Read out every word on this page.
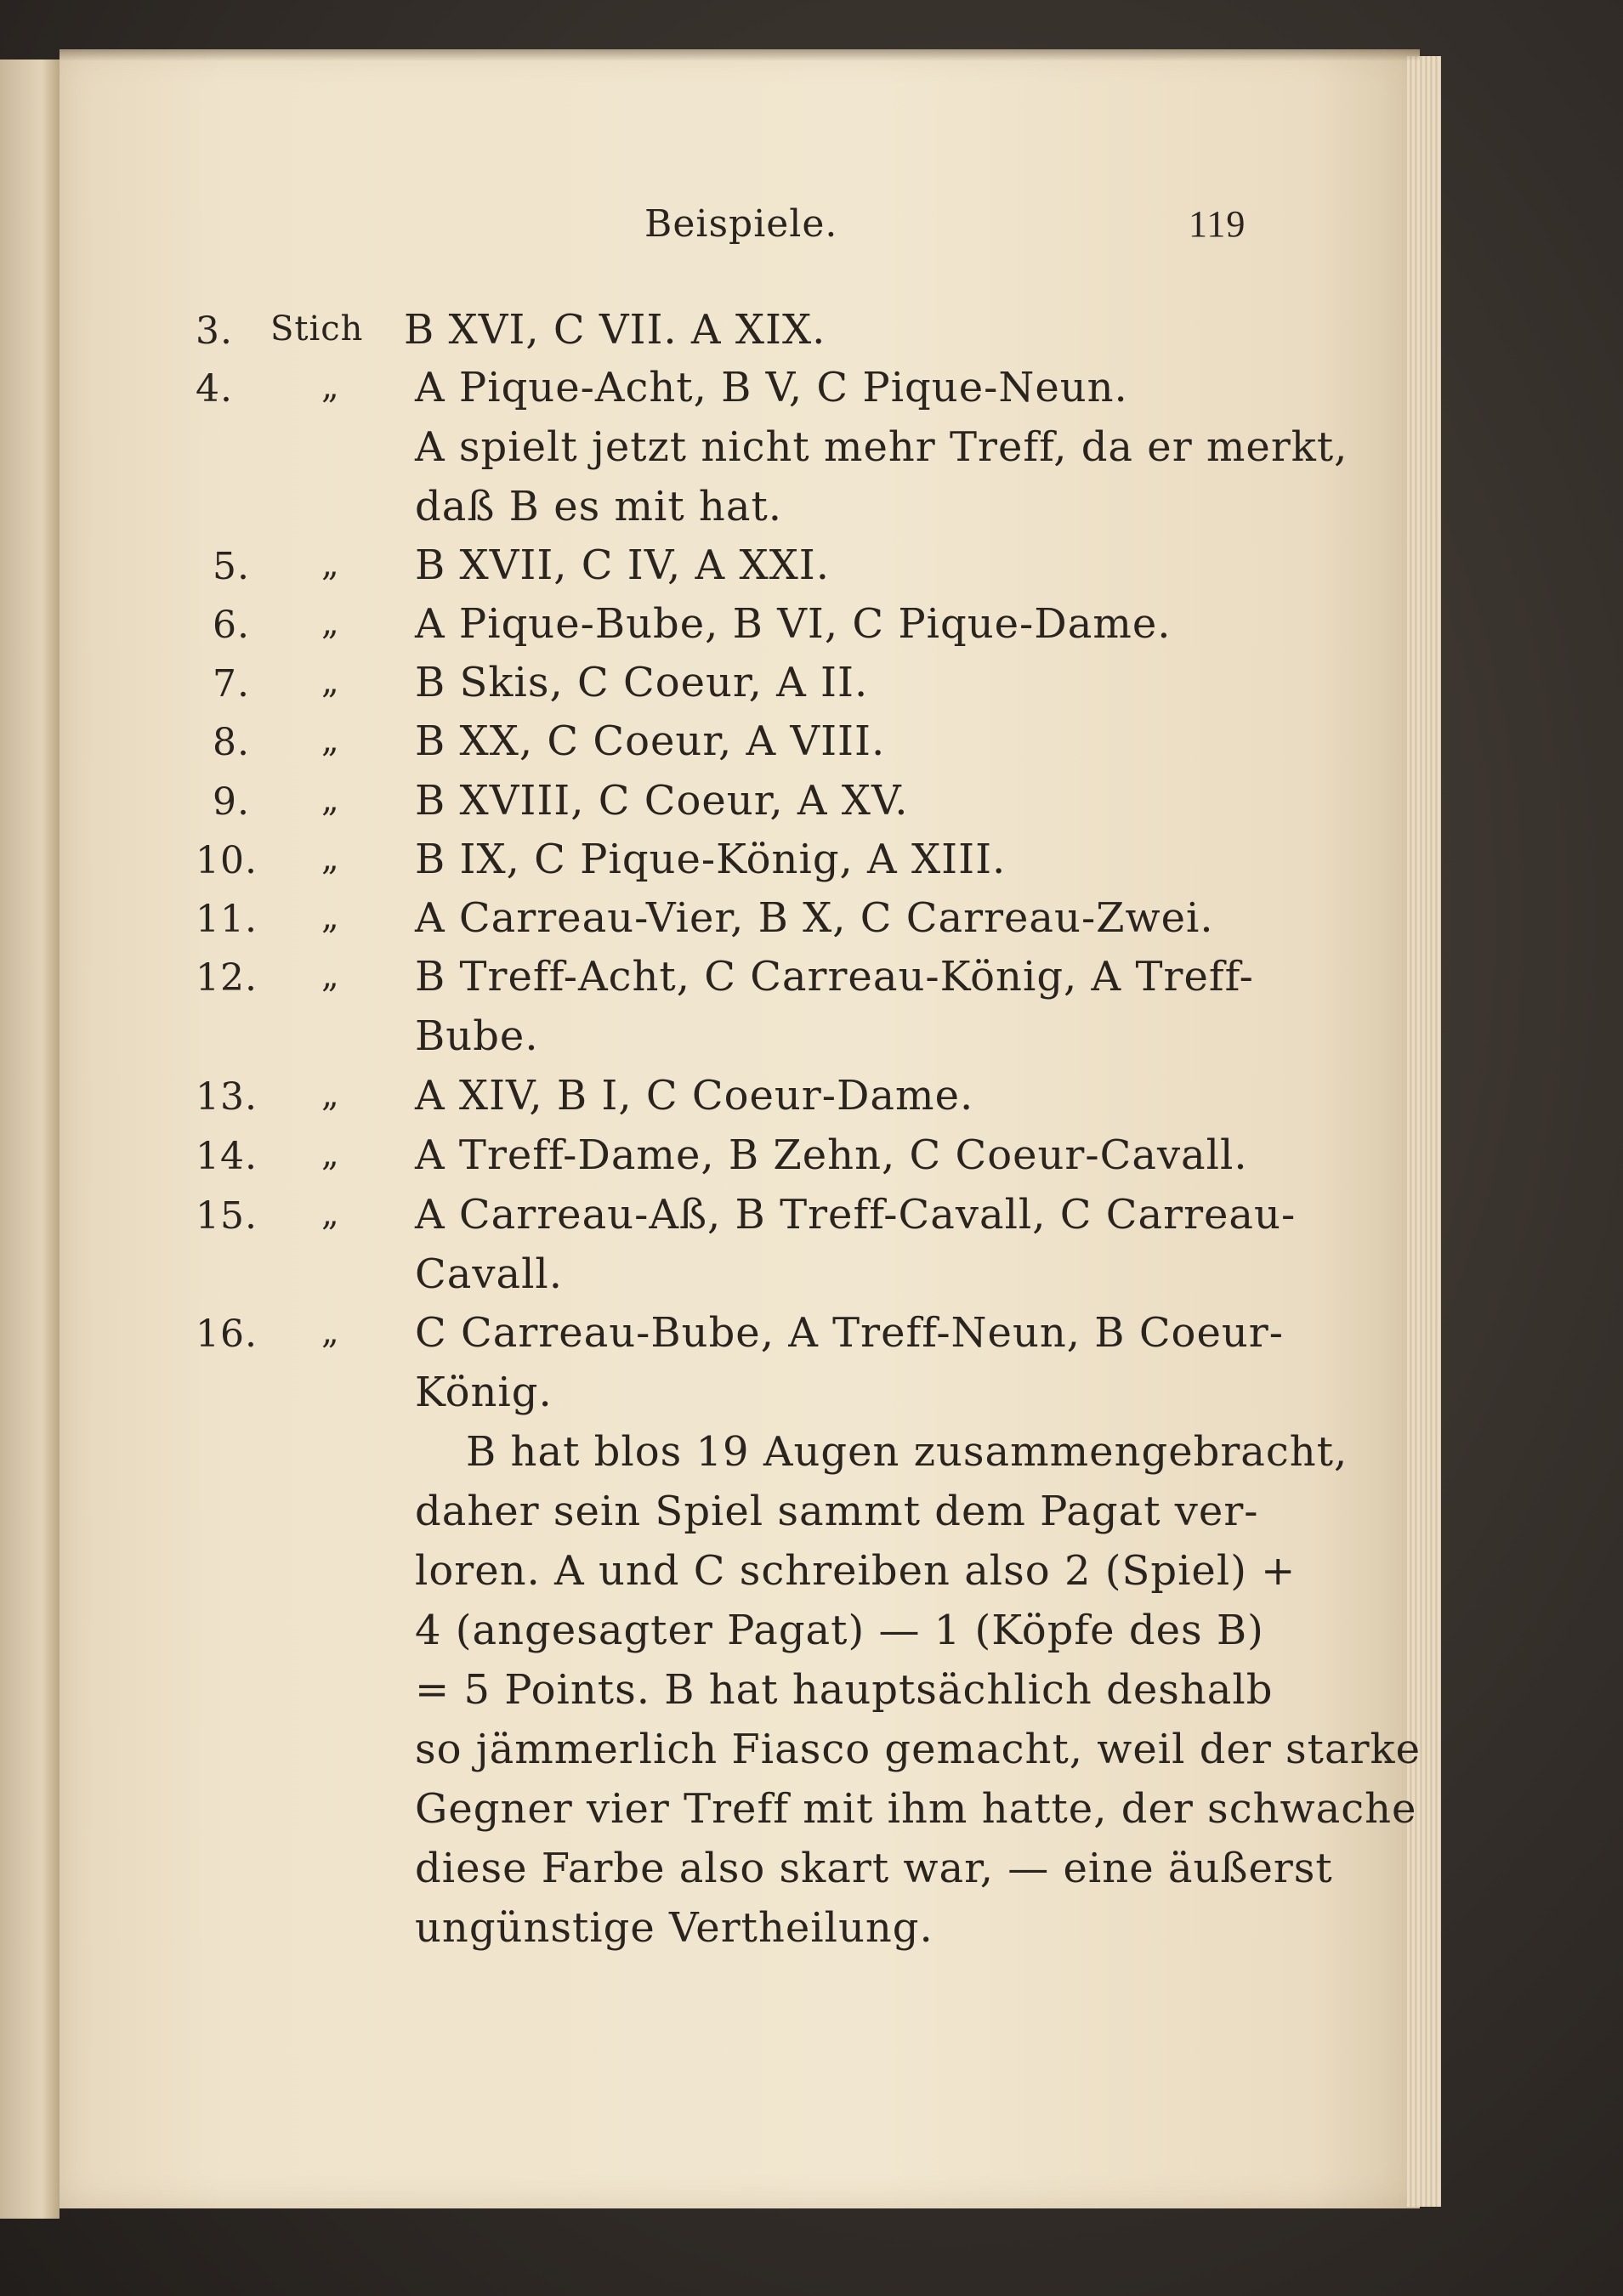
Beispiele.	119
3. Stich B XVI, C VII. A XIX.
4.	„ A Pique-Acht, B V, C Pique-Neun.
A spielt jetzt nicht mehr Treff, da er merkt,
daß B es mit hat.
5. „ B XVII, C IV, A XXI.
6. „ A Pique-Bube, B VI, C Pique-Dame.
7. „ B Skis, C Coeur, A II.
8. „ B XX, C Coeur, A VIII.
9. „ B XVIII, C Coeur, A XV.
10. „ B IX, C Pique-König, A XIII.
11. „ A Carreau-Vier, B X, C Carreau-Zwei.
12. „ B Treff-Acht, C Carreau-König, A Treff-
Bube.
13. „ A XIV, B I, C Coeur-Dame.
14. „ A Treff-Dame, B Zehn, C Coeur-Cavall.
15. „ A Carreau-Aß, B Treff-Cavall, C Carreau-
Cavall.
16. „ C Carreau-Bube, A Treff-Neun, B Coeur-
König.
B hat blos 19 Augen zusammengebracht,
daher sein Spiel sammt dem Pagat ver-
loren. A und C schreiben also 2 (Spiel) +
4 (angesagter Pagat) — 1 (Köpfe des B)
= 5 Points. B hat hauptsächlich deshalb
so jämmerlich Fiasco gemacht, weil der starke
Gegner vier Treff mit ihm hatte, der schwache
diese Farbe also skart war, — eine äußerst
ungünstige Vertheilung.
